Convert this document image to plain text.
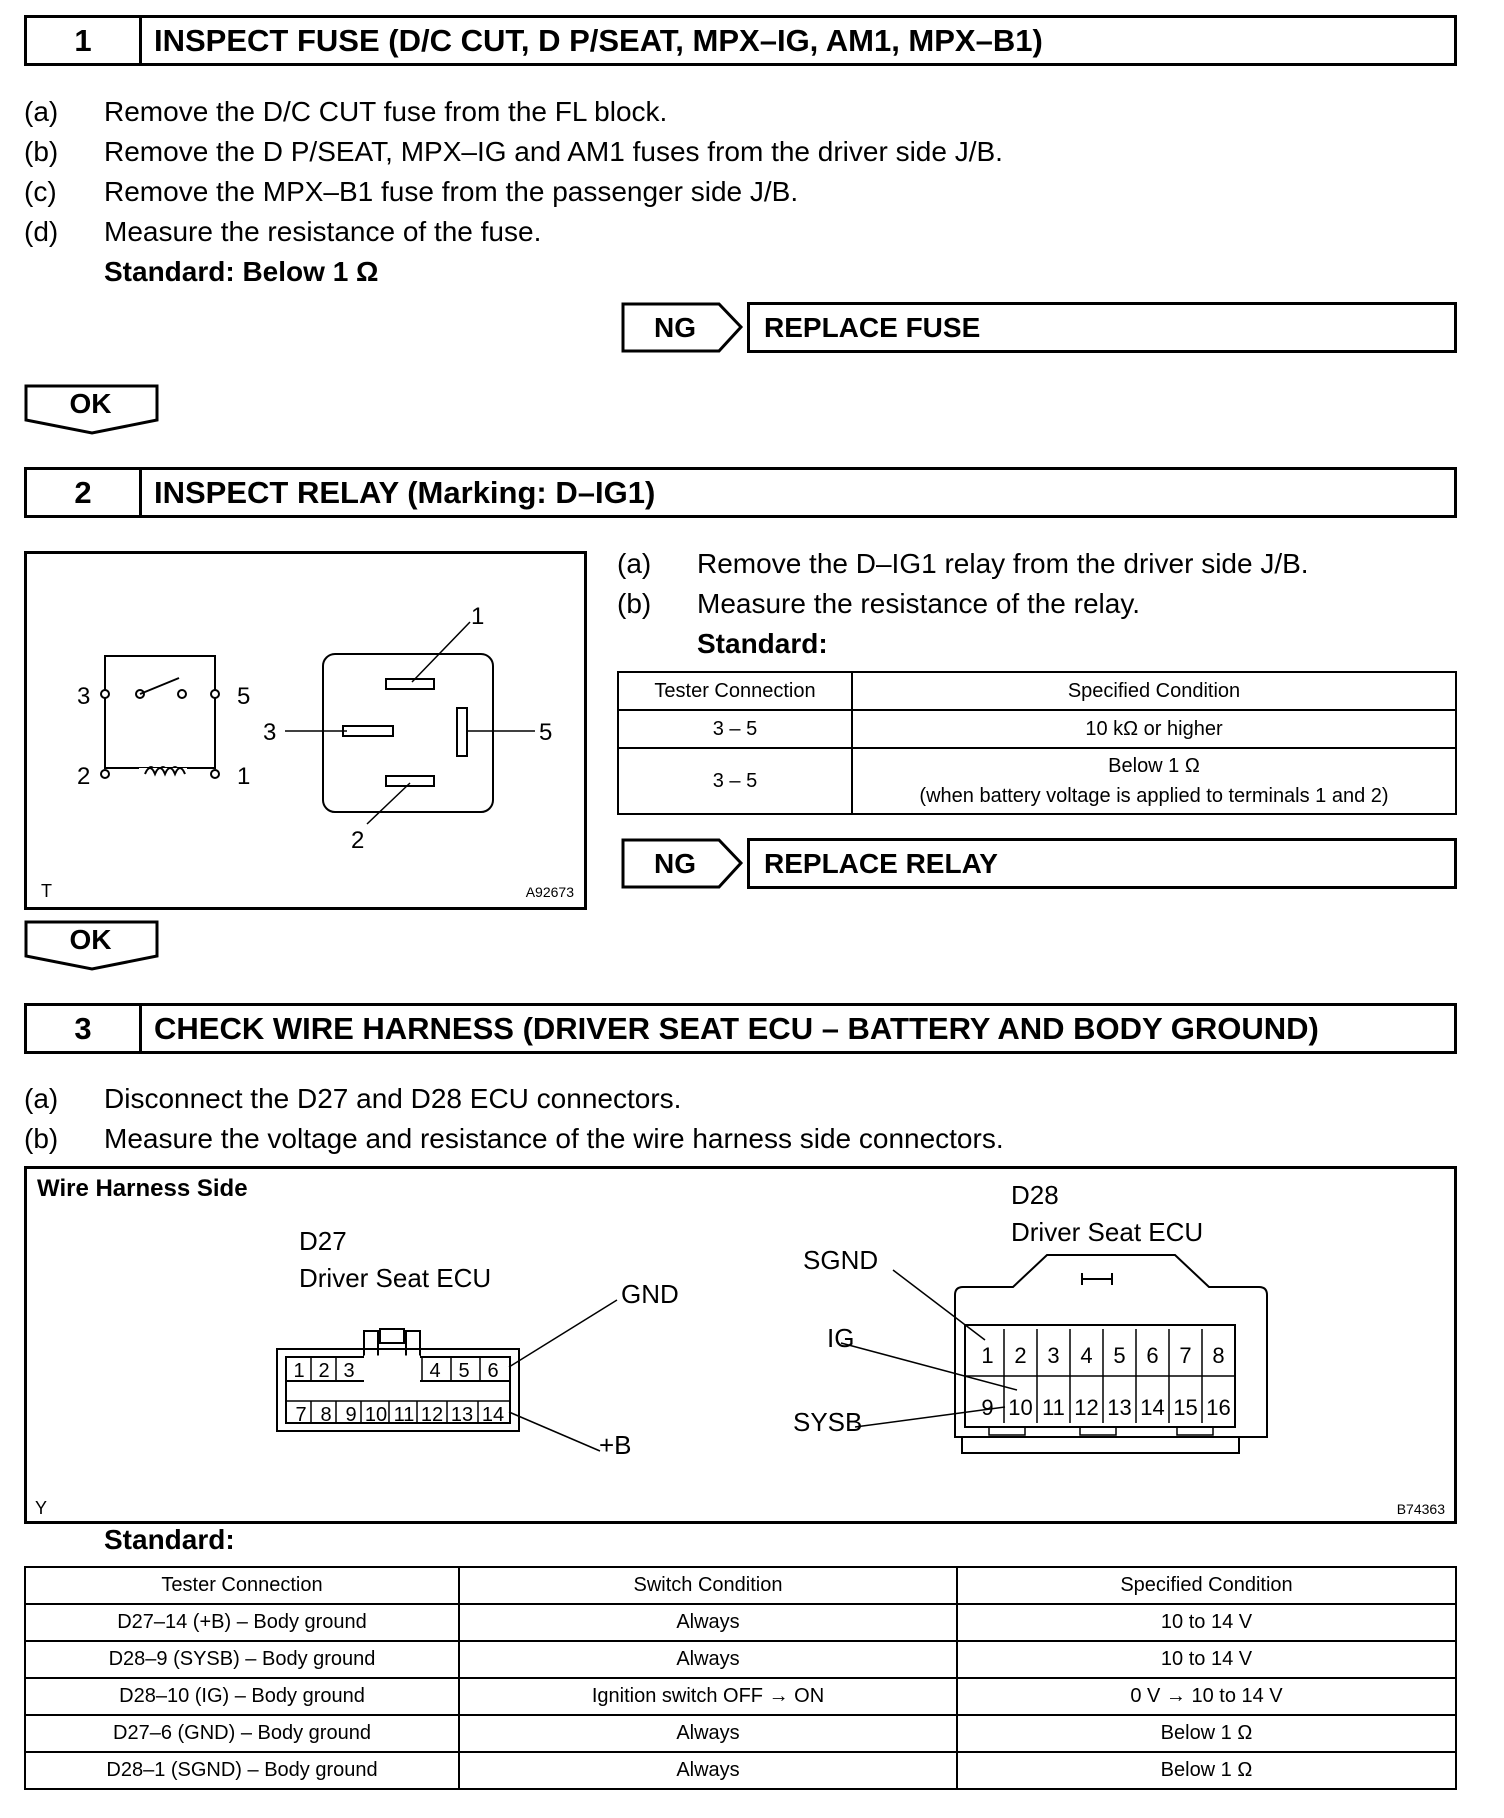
1	INSPECT FUSE (D/C CUT, D P/SEAT, MPX–IG, AM1, MPX–B1)
(a) Remove the D/C CUT fuse from the FL block.
(b) Remove the D P/SEAT, MPX–IG and AM1 fuses from the driver side J/B.
(c) Remove the MPX–B1 fuse from the passenger side J/B.
(d) Measure the resistance of the fuse.
Standard: Below 1 Ω
NG	REPLACE FUSE
OK
2	INSPECT RELAY (Marking: D–IG1)
3	5
2	1
1
3	5
2
T	A92673
(a) Remove the D–IG1 relay from the driver side J/B.
(b) Measure the resistance of the relay.
Standard:
Tester Connection	Specified Condition
3 – 5	10 kΩ or higher
3 – 5	Below 1 Ω
(when battery voltage is applied to terminals 1 and 2)
NG	REPLACE RELAY
OK
3	CHECK WIRE HARNESS (DRIVER SEAT ECU – BATTERY AND BODY GROUND)
(a) Disconnect the D27 and D28 ECU connectors.
(b) Measure the voltage and resistance of the wire harness side connectors.
Wire Harness Side
D27
Driver Seat ECU
1 2 3	4 5 6
7 8 9 10 11 12 13 14
GND
+B
D28
Driver Seat ECU
1 2 3 4 5 6 7 8
9 10 11 12 13 14 15 16
SGND
IG
SYSB
Y	B74363
Standard:
Tester Connection	Switch Condition	Specified Condition
D27–14 (+B) – Body ground	Always	10 to 14 V
D28–9 (SYSB) – Body ground	Always	10 to 14 V
D28–10 (IG) – Body ground	Ignition switch OFF → ON	0 V → 10 to 14 V
D27–6 (GND) – Body ground	Always	Below 1 Ω
D28–1 (SGND) – Body ground	Always	Below 1 Ω
